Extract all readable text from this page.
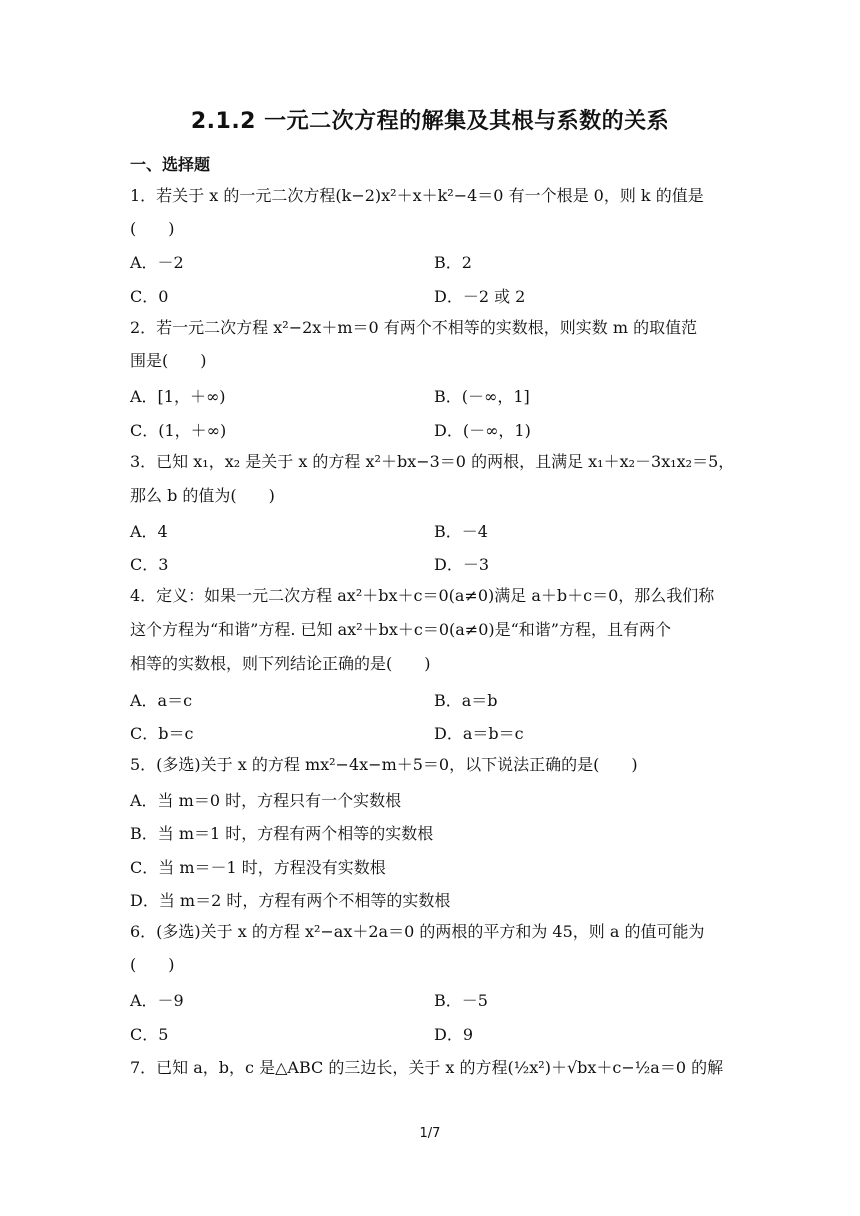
2.1.2 一元二次方程的解集及其根与系数的关系
一、选择题
1．若关于 x 的一元二次方程(k−2)x²＋x＋k²−4＝0 有一个根是 0，则 k 的值是
(　　)
A．－2	B．2
C．0	D．－2 或 2
2．若一元二次方程 x²−2x＋m＝0 有两个不相等的实数根，则实数 m 的取值范
围是(　　)
A．[1，＋∞)	B．(－∞，1]
C．(1，＋∞)	D．(－∞，1)
3．已知 x₁，x₂ 是关于 x 的方程 x²＋bx−3＝0 的两根，且满足 x₁＋x₂－3x₁x₂＝5，
那么 b 的值为(　　)
A．4	B．－4
C．3	D．－3
4．定义：如果一元二次方程 ax²＋bx＋c＝0(a≠0)满足 a＋b＋c＝0，那么我们称
这个方程为“和谐”方程. 已知 ax²＋bx＋c＝0(a≠0)是“和谐”方程，且有两个
相等的实数根，则下列结论正确的是(　　)
A．a＝c	B．a＝b
C．b＝c	D．a＝b＝c
5．(多选)关于 x 的方程 mx²−4x−m＋5＝0，以下说法正确的是(　　)
A．当 m＝0 时，方程只有一个实数根
B．当 m＝1 时，方程有两个相等的实数根
C．当 m＝－1 时，方程没有实数根
D．当 m＝2 时，方程有两个不相等的实数根
6．(多选)关于 x 的方程 x²−ax＋2a＝0 的两根的平方和为 45，则 a 的值可能为
(　　)
A．－9	B．－5
C．5	D．9
7．已知 a，b，c 是△ABC 的三边长，关于 x 的方程(½x²)＋√bx＋c−½a＝0 的解
1/7
